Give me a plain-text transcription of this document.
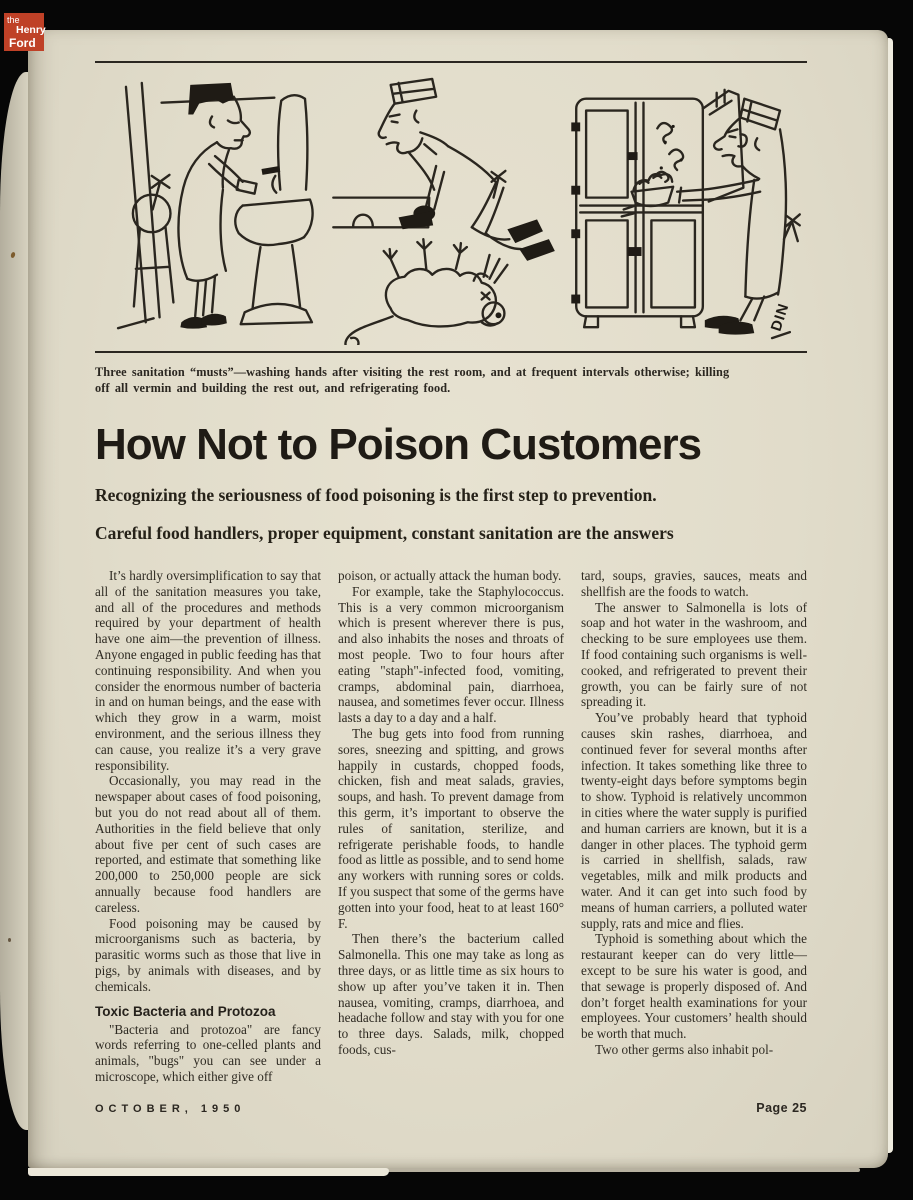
DIN

Three sanitation “musts”—washing hands after visiting the rest room, and at frequent intervals otherwise; killing
off all vermin and building the rest out, and refrigerating food.

How Not to Poison Customers

Recognizing the seriousness of food poisoning is the first step to prevention.

Careful food handlers, proper equipment, constant sanitation are the answers

It’s hardly oversimplification to say that all of the sanitation measures you take, and all of the procedures and methods required by your department of health have one aim—the prevention of illness. Anyone engaged in public feeding has that continuing responsibility. And when you consider the enormous number of bacteria in and on human beings, and the ease with which they grow in a warm, moist environment, and the serious illness they can cause, you realize it’s a very grave responsibility.

Occasionally, you may read in the newspaper about cases of food poisoning, but you do not read about all of them. Authorities in the field believe that only about five per cent of such cases are reported, and estimate that something like 200,000 to 250,000 people are sick annually because food handlers are careless.

Food poisoning may be caused by microorganisms such as bacteria, by parasitic worms such as those that live in pigs, by animals with diseases, and by chemicals.

Toxic Bacteria and Protozoa

"Bacteria and protozoa" are fancy words referring to one-celled plants and animals, "bugs" you can see under a microscope, which either give off

poison, or actually attack the human body.

For example, take the Staphylococcus. This is a very common microorganism which is present wherever there is pus, and also inhabits the noses and throats of most people. Two to four hours after eating "staph"-infected food, vomiting, cramps, abdominal pain, diarrhoea, nausea, and sometimes fever occur. Illness lasts a day to a day and a half.

The bug gets into food from running sores, sneezing and spitting, and grows happily in custards, chopped foods, chicken, fish and meat salads, gravies, soups, and hash. To prevent damage from this germ, it’s important to observe the rules of sanitation, sterilize, and refrigerate perishable foods, to handle food as little as possible, and to send home any workers with running sores or colds. If you suspect that some of the germs have gotten into your food, heat to at least 160° F.

Then there’s the bacterium called Salmonella. This one may take as long as three days, or as little time as six hours to show up after you’ve taken it in. Then nausea, vomiting, cramps, diarrhoea, and headache follow and stay with you for one to three days. Salads, milk, chopped foods, cus-

tard, soups, gravies, sauces, meats and shellfish are the foods to watch.

The answer to Salmonella is lots of soap and hot water in the washroom, and checking to be sure employees use them. If food containing such organisms is well-cooked, and refrigerated to prevent their growth, you can be fairly sure of not spreading it.

You’ve probably heard that typhoid causes skin rashes, diarrhoea, and continued fever for several months after infection. It takes something like three to twenty-eight days before symptoms begin to show. Typhoid is relatively uncommon in cities where the water supply is purified and human carriers are known, but it is a danger in other places. The typhoid germ is carried in shellfish, salads, raw vegetables, milk and milk products and water. And it can get into such food by means of human carriers, a polluted water supply, rats and mice and flies.

Typhoid is something about which the restaurant keeper can do very little—except to be sure his water is good, and that sewage is properly disposed of. And don’t forget health examinations for your employees. Your customers’ health should be worth that much.

Two other germs also inhabit pol-

OCTOBER, 1950	Page 25
the
Henry
Ford
